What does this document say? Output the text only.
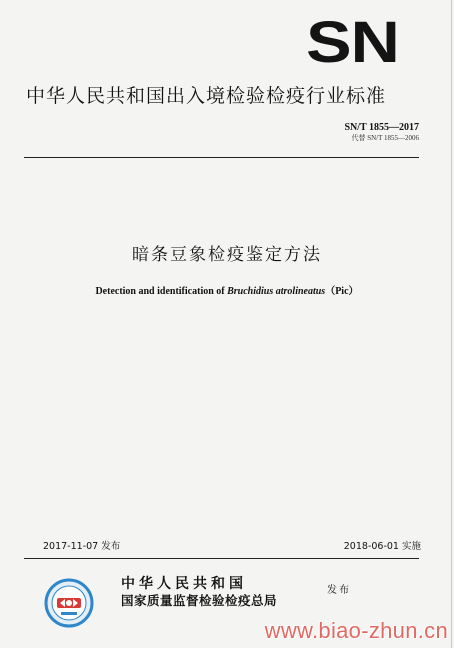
SN
中华人民共和国出入境检验检疫行业标准
SN/T 1855—2017
代替 SN/T 1855—2006
暗条豆象检疫鉴定方法
Detection and identification of Bruchidius atrolineatus（Pic）
2017-11-07 发布	2018-06-01 实施
中华人民共和国
国家质量监督检验检疫总局
发布
www.biao-zhun.cn
